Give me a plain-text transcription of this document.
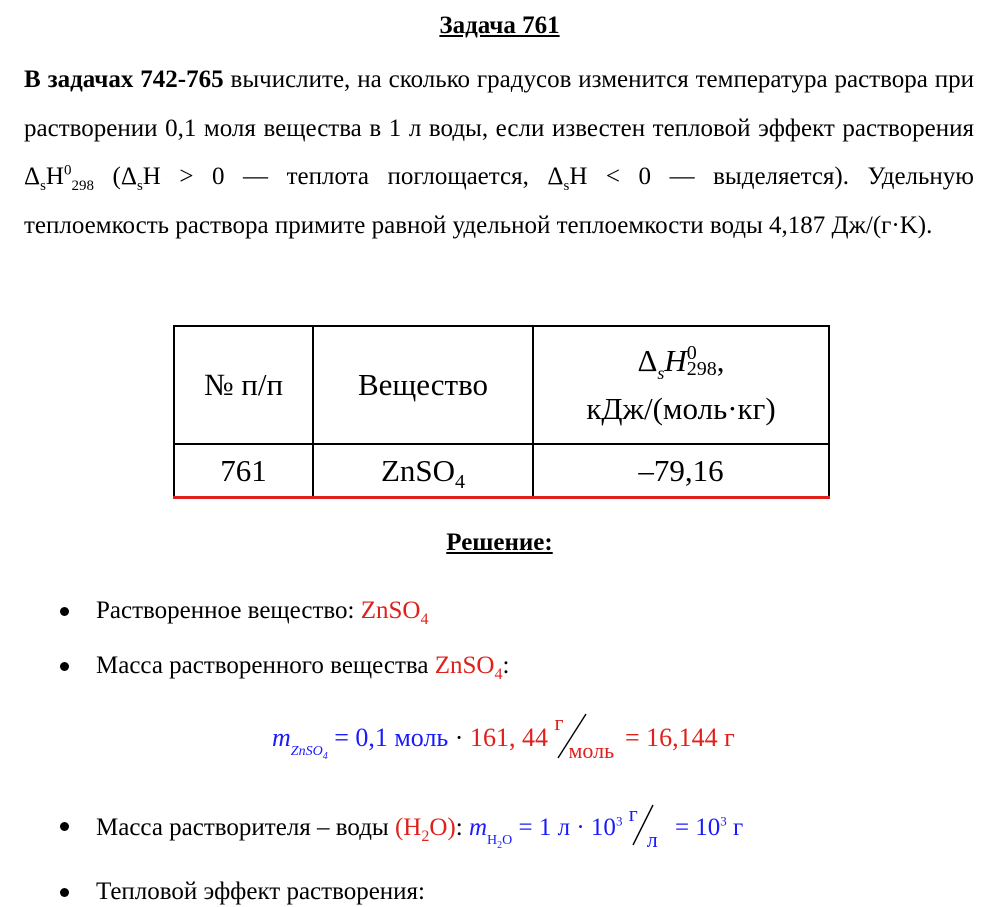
Задача 761
В задачах 742-765 вычислите, на сколько градусов изменится температура раствора при растворении 0,1 моля вещества в 1 л воды, если известен тепловой эффект растворения $\Delta_sH^0_{298}$ ($\Delta_sH > 0$ — теплота поглощается, $\Delta_sH < 0$ — выделяется). Удельную теплоемкость раствора примите равной удельной теплоемкости воды 4,187 Дж/(г·K).
№ п/п	Вещество	$\Delta_sH0$
298,
кДж/(моль·кг)

761	ZnSO$_4$	–79,16
Решение:
Растворенное вещество: ZnSO$_4$
Масса растворенного вещества ZnSO$_4$:
$m_{ZnSO_4} = 0,1$ моль · 161, 44
г
моль = 16,144 г
Масса растворителя – воды $(H_2O)$: $m_{H_2O} = 1$ $л \cdot 10^3$ г
$л = 10^3$ г
Тепловой эффект растворения:
